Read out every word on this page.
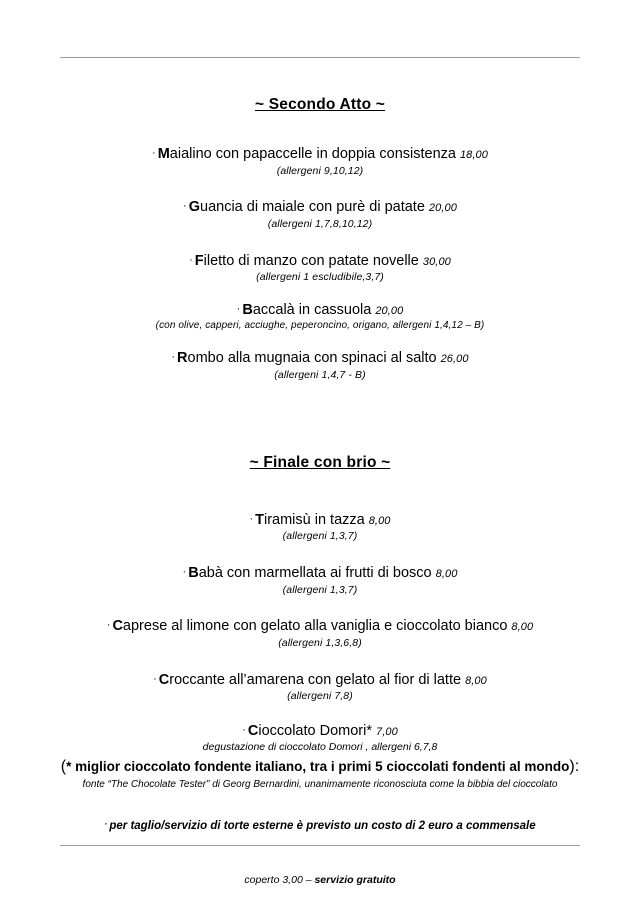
~ Secondo Atto ~
· Maialino con papaccelle in doppia consistenza 18,00
(allergeni 9,10,12)
· Guancia di maiale con purè di patate 20,00
(allergeni 1,7,8,10,12)
· Filetto di manzo con patate novelle 30,00
(allergeni 1 escludibile,3,7)
· Baccalà in cassuola 20,00
(con olive, capperi, acciughe, peperoncino, origano, allergeni 1,4,12 – B)
· Rombo alla mugnaia con spinaci al salto 26,00
(allergeni 1,4,7 - B)
~ Finale con brio ~
· Tiramisù in tazza 8,00
(allergeni 1,3,7)
· Babà con marmellata ai frutti di bosco 8,00
(allergeni 1,3,7)
· Caprese al limone con gelato alla vaniglia e cioccolato bianco 8,00
(allergeni 1,3,6,8)
· Croccante all’amarena con gelato al fior di latte 8,00
(allergeni 7,8)
· Cioccolato Domori* 7,00
degustazione di cioccolato Domori , allergeni 6,7,8
(* miglior cioccolato fondente italiano, tra i primi 5 cioccolati fondenti al mondo):
fonte “The Chocolate Tester” di Georg Bernardini, unanimamente riconosciuta come la bibbia del cioccolato
· per taglio/servizio di torte esterne è previsto un costo di 2 euro a commensale
coperto 3,00 – servizio gratuito
